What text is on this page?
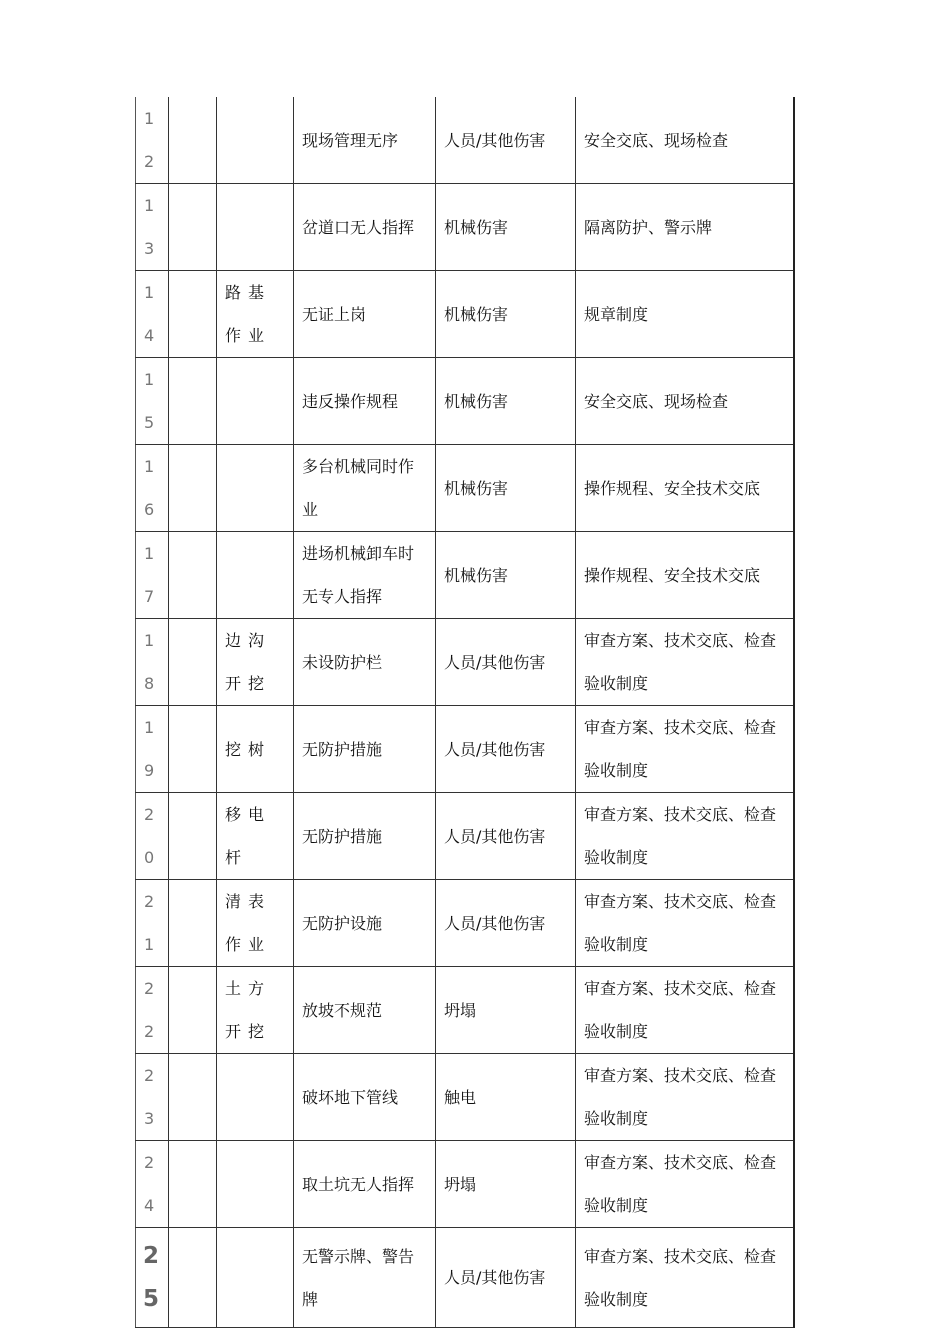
12			现场管理无序	人员/其他伤害	安全交底、现场检查
13			岔道口无人指挥	机械伤害	隔离防护、警示牌
14		路基作业	无证上岗	机械伤害	规章制度
15			违反操作规程	机械伤害	安全交底、现场检查
16			多台机械同时作业	机械伤害	操作规程、安全技术交底
17			进场机械卸车时无专人指挥	机械伤害	操作规程、安全技术交底
18		边沟开挖	未设防护栏	人员/其他伤害	审查方案、技术交底、检查验收制度
19		挖树	无防护措施	人员/其他伤害	审查方案、技术交底、检查验收制度
20		移电杆	无防护措施	人员/其他伤害	审查方案、技术交底、检查验收制度
21		清表作业	无防护设施	人员/其他伤害	审查方案、技术交底、检查验收制度
22		土方开挖	放坡不规范	坍塌	审查方案、技术交底、检查验收制度
23			破坏地下管线	触电	审查方案、技术交底、检查验收制度
24			取土坑无人指挥	坍塌	审查方案、技术交底、检查验收制度
25			无警示牌、警告牌	人员/其他伤害	审查方案、技术交底、检查验收制度
